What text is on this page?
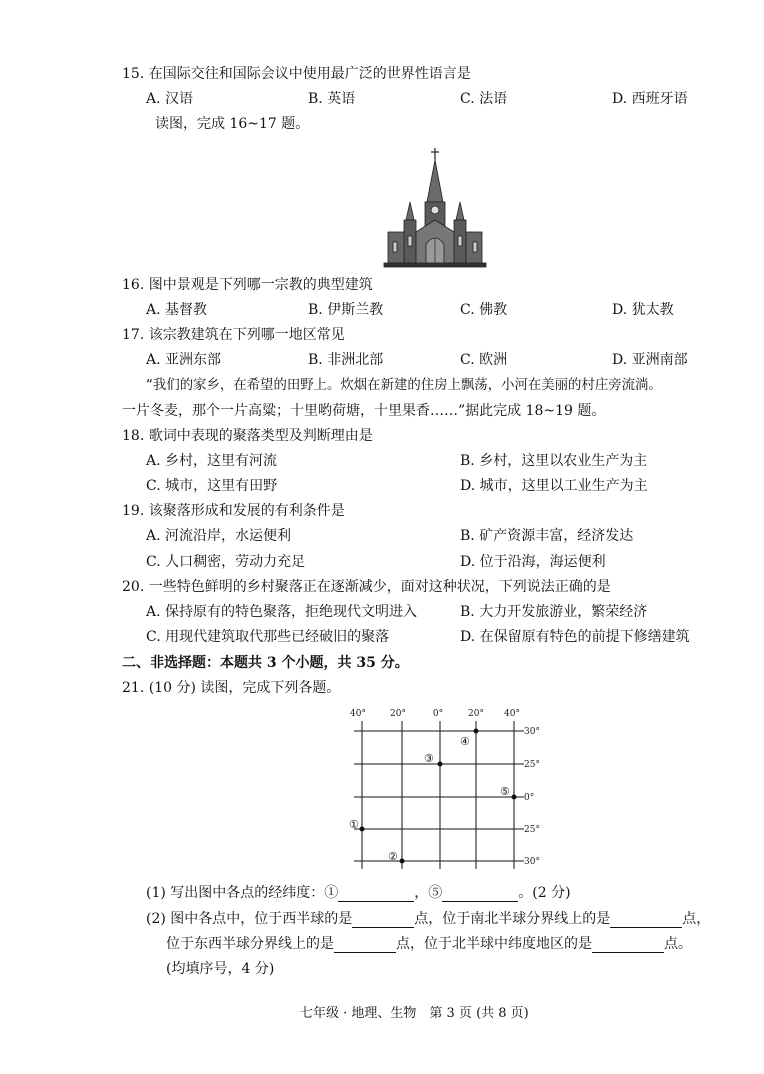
15. 在国际交往和国际会议中使用最广泛的世界性语言是
A. 汉语	B. 英语	C. 法语	D. 西班牙语
读图，完成 16~17 题。
16. 图中景观是下列哪一宗教的典型建筑
A. 基督教	B. 伊斯兰教	C. 佛教	D. 犹太教
17. 该宗教建筑在下列哪一地区常见
A. 亚洲东部	B. 非洲北部	C. 欧洲	D. 亚洲南部
“我们的家乡，在希望的田野上。炊烟在新建的住房上飘荡，小河在美丽的村庄旁流淌。
一片冬麦，那个一片高粱；十里哟荷塘，十里果香……”据此完成 18~19 题。
18. 歌词中表现的聚落类型及判断理由是
A. 乡村，这里有河流	B. 乡村，这里以农业生产为主
C. 城市，这里有田野	D. 城市，这里以工业生产为主
19. 该聚落形成和发展的有利条件是
A. 河流沿岸，水运便利	B. 矿产资源丰富，经济发达
C. 人口稠密，劳动力充足	D. 位于沿海，海运便利
20. 一些特色鲜明的乡村聚落正在逐渐减少，面对这种状况，下列说法正确的是
A. 保持原有的特色聚落，拒绝现代文明进入	B. 大力开发旅游业，繁荣经济
C. 用现代建筑取代那些已经破旧的聚落	D. 在保留原有特色的前提下修缮建筑
二、非选择题：本题共 3 个小题，共 35 分。
21. (10 分) 读图，完成下列各题。
40°	20°	0°	20° 40°
30°
25°
0°
25°
30°
④
③
⑤
①
②
(1) 写出图中各点的经纬度：①	，⑤	。(2 分)
(2) 图中各点中，位于西半球的是	点，位于南北半球分界线上的是	点，
位于东西半球分界线上的是	点，位于北半球中纬度地区的是	点。
(均填序号，4 分)
七年级 · 地理、生物　第 3 页 (共 8 页)
